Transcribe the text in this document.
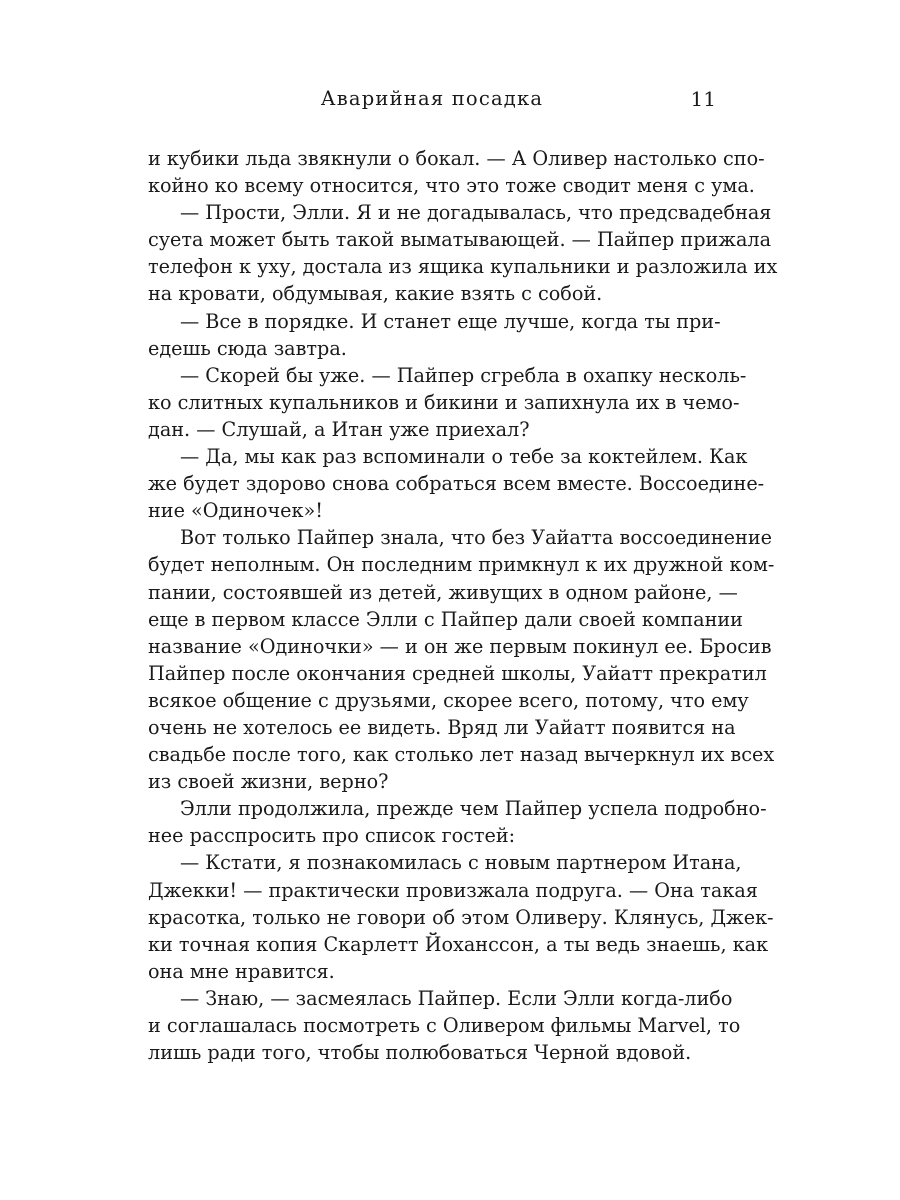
Аварийная посадка	11
и кубики льда звякнули о бокал. — А Оливер настолько спо-
койно ко всему относится, что это тоже сводит меня с ума.
— Прости, Элли. Я и не догадывалась, что предсвадебная
суета может быть такой выматывающей. — Пайпер прижала
телефон к уху, достала из ящика купальники и разложила их
на кровати, обдумывая, какие взять с собой.
— Все в порядке. И станет еще лучше, когда ты при-
едешь сюда завтра.
— Скорей бы уже. — Пайпер сгребла в охапку несколь-
ко слитных купальников и бикини и запихнула их в чемо-
дан. — Слушай, а Итан уже приехал?
— Да, мы как раз вспоминали о тебе за коктейлем. Как
же будет здорово снова собраться всем вместе. Воссоедине-
ние «Одиночек»!
Вот только Пайпер знала, что без Уайатта воссоединение
будет неполным. Он последним примкнул к их дружной ком-
пании, состоявшей из детей, живущих в одном районе, —
еще в первом классе Элли с Пайпер дали своей компании
название «Одиночки» — и он же первым покинул ее. Бросив
Пайпер после окончания средней школы, Уайатт прекратил
всякое общение с друзьями, скорее всего, потому, что ему
очень не хотелось ее видеть. Вряд ли Уайатт появится на
свадьбе после того, как столько лет назад вычеркнул их всех
из своей жизни, верно?
Элли продолжила, прежде чем Пайпер успела подробно-
нее расспросить про список гостей:
— Кстати, я познакомилась с новым партнером Итана,
Джекки! — практически провизжала подруга. — Она такая
красотка, только не говори об этом Оливеру. Клянусь, Джек-
ки точная копия Скарлетт Йоханссон, а ты ведь знаешь, как
она мне нравится.
— Знаю, — засмеялась Пайпер. Если Элли когда-либо
и соглашалась посмотреть с Оливером фильмы Marvel, то
лишь ради того, чтобы полюбоваться Черной вдовой.
